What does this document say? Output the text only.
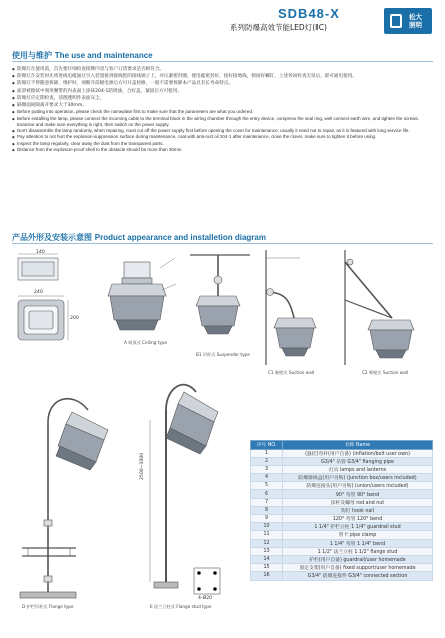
SDB48-X
系列防爆高效节能LED灯(ⅡC)
松大
照明
使用与维护 The use and maintenance
◆ 防爆灯在使用前，首先要仔细检查铭牌内容与客户订货要求是否相符合。
◆ 防爆灯在安装时先将进线电缆通过引入装置接到接线腔的接线端子上，并压紧密封圈，使电缆密封好，接好接地线，锁固好螺钉，上述各项检查无误后，即可通电使用。
◆ 防爆灯不得随意拆卸，维护时，须断开前级电源后方可开盖检修，一般不需要拆卸本产品具有长寿命特点。
◆ 面罩被擦拭中须用腰带的内表面上涂抹204-1防锈油，合好盖，紧固后方可使用。
◆ 防爆灯应定期检查，清理透明件表面灰尘。
◆ 隔爆面间隙离开要求大于30mm。
◆ Before putting into operation, please check the nameplate first to make sure that the parameters are what you ordered.
◆ Before installing the lamp, please connect the incoming cable to the terminal block in the wiring chamber through the entry device, compress the seal ring, well connect earth wire, and tighten the screws. Examine and make sure everything is right, then switch on the power supply.
◆ Don't disassemble the lamp randomly, when repairing, must cut off the power supply first before opening the cover for maintenance; usually it need not to repair, as it is featured with long service life.
◆ Pay attention to not hurt the explosion-suppression surface during maintenance, coat with anti-rust oil 204-1 after maintenance, close the clover, make sure to tighten it before using.
◆ Inspect the lamp regularly, clear away the dust from the transparent parts.
◆ Distance from the explosion-proof shell to the obstacle should be more than 30mm.
产品外形及安装示意图 Product appearance and installetion diagram
140
240
200
A 吸顶式 Ceiling type
B1 吊杆式 Suspender type
C1 吸壁式 Suction wall	C2 吸壁式 Suction wall
D 护栏吊杆式 Flange type	E 法兰立柱式 Flange stud type
2500~3000
4-Ø20
序号 NO.	名称 Name
1	(悬挂)弯杆(用户自备) (inflation/bolt user own)
2	G3/4" 吊管 G3/4" flanging pipe
3	灯具 lamps and lanterns
4	防爆接线盒(用户另购) (junction box/users included)
5	防爆连接头(用户另购) (union/users included)
6	90° 弯管 90° bend
7	扣杆及螺母 rod and nut
8	钩钉 hook nail
9	120° 弯管 120° bend
10	1 1/4" 护栏立柱 1 1/4" guardrail stud
11	管卡 pipe clamp
12	1 1/4" 弯管 1 1/4" bend
13	1 1/2" 法兰立柱 1 1/2" flange stud
14	护栏(用户自备) guardrail/user homemade
15	固定支架(用户自备) fixed support/user homemade
16	G3/4" 防爆连接件 G3/4" connected section
